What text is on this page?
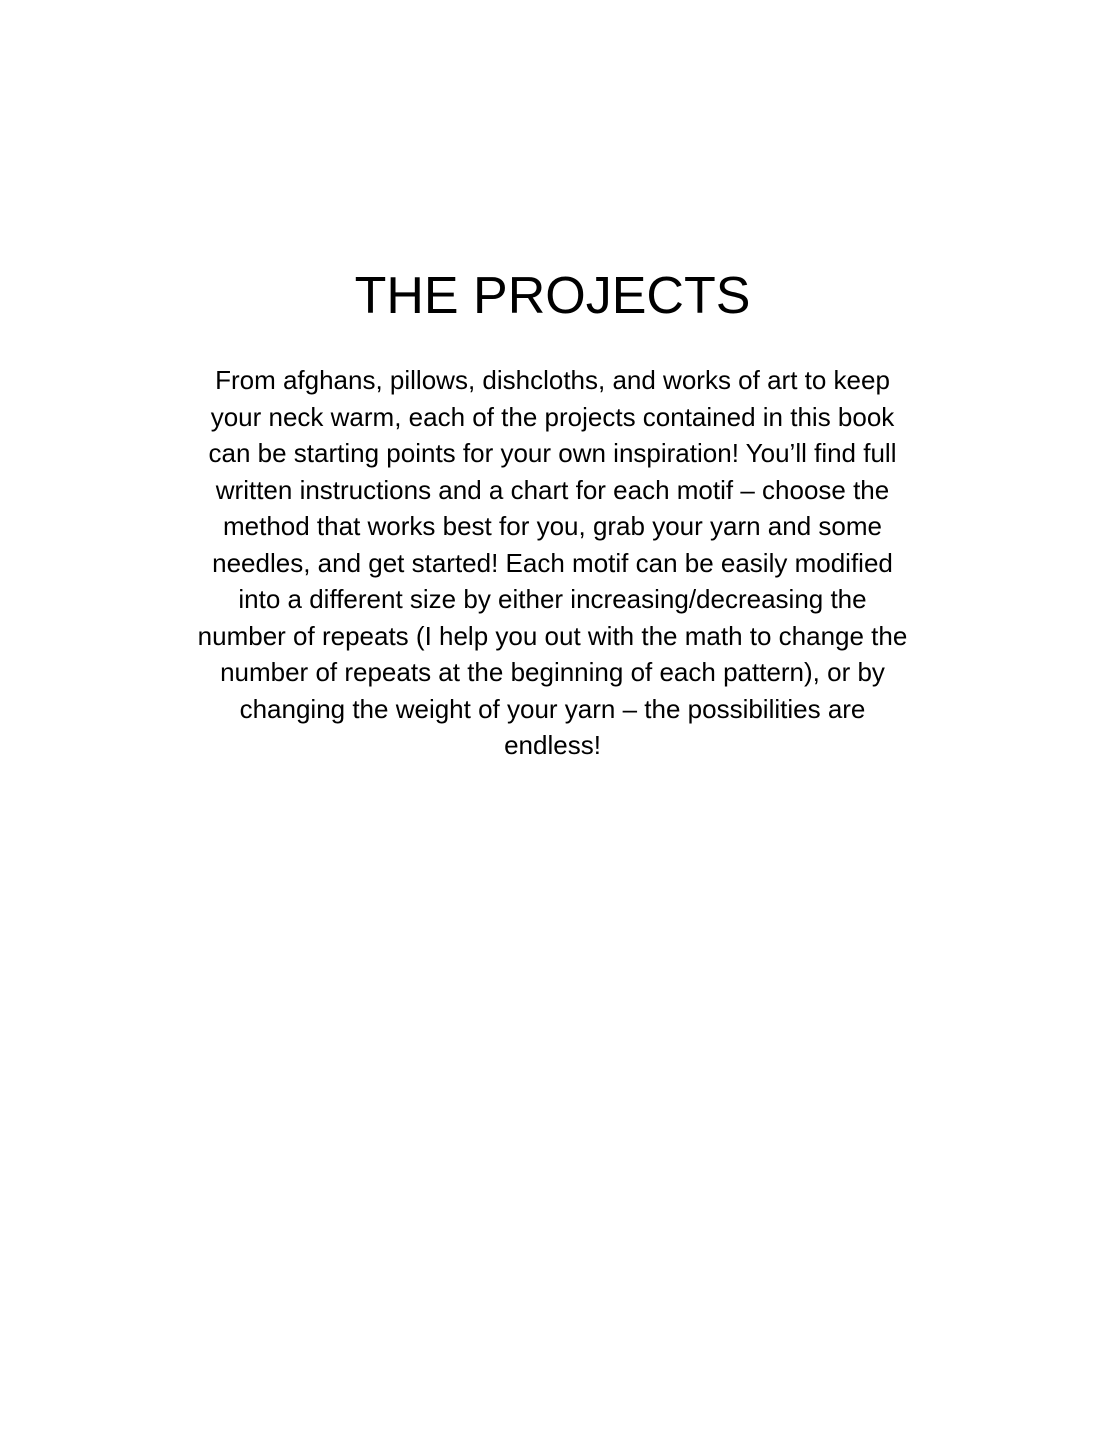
THE PROJECTS

From afghans, pillows, dishcloths, and works of art to keep
your neck warm, each of the projects contained in this book
can be starting points for your own inspiration! You’ll find full
written instructions and a chart for each motif – choose the
method that works best for you, grab your yarn and some
needles, and get started! Each motif can be easily modified
into a different size by either increasing/decreasing the
number of repeats (I help you out with the math to change the
number of repeats at the beginning of each pattern), or by
changing the weight of your yarn – the possibilities are
endless!
